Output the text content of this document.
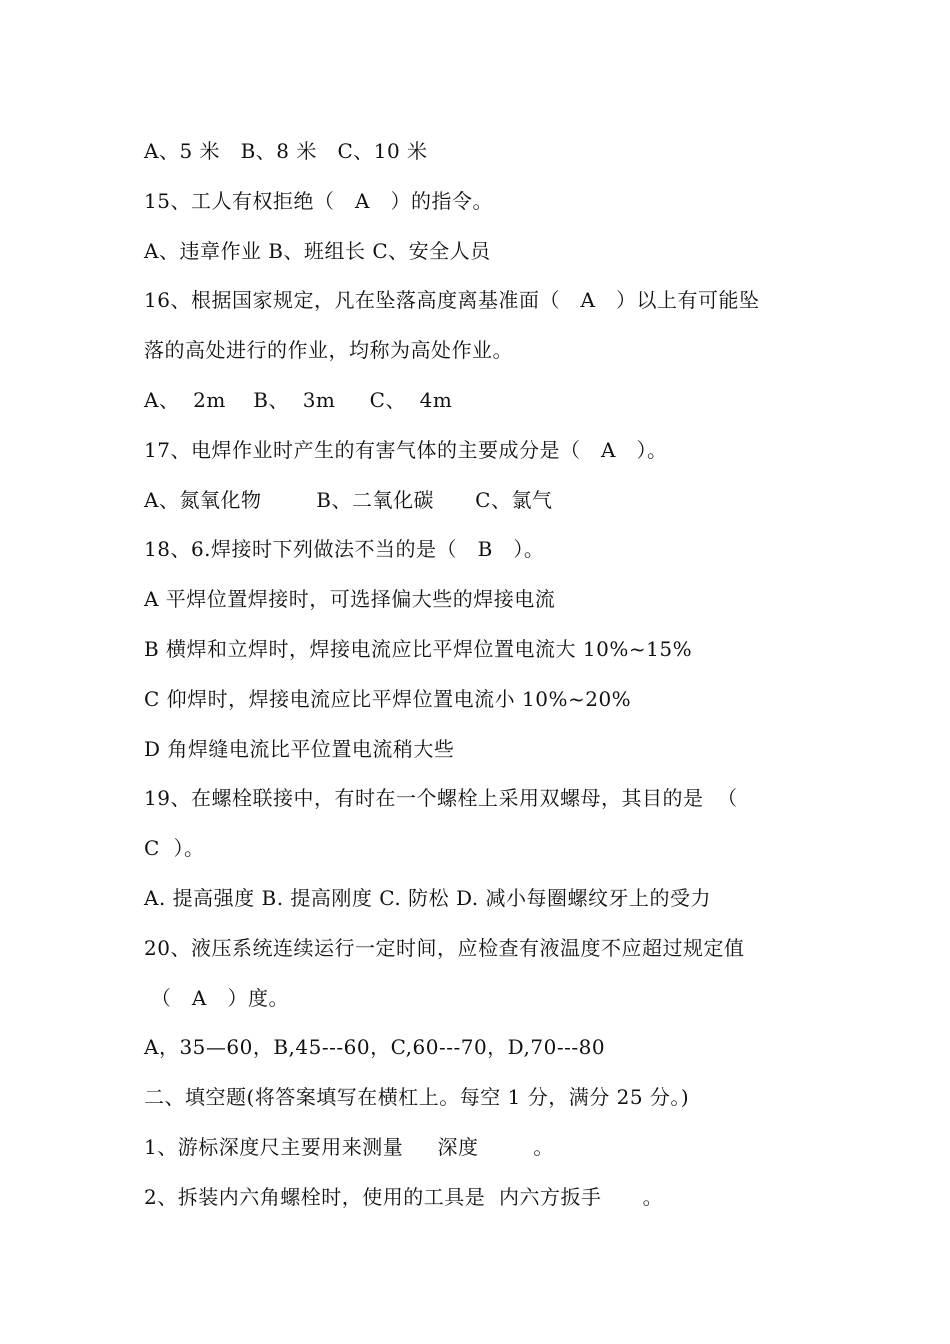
A、5 米   B、8 米   C、10 米
15、工人有权拒绝（   A   ）的指令。
A、违章作业 B、班组长 C、安全人员
16、根据国家规定，凡在坠落高度离基准面（   A   ）以上有可能坠
落的高处进行的作业，均称为高处作业。
A、  2m    B、  3m     C、  4m
17、电焊作业时产生的有害气体的主要成分是（   A   ）。
A、氮氧化物        B、二氧化碳      C、氯气
18、6.焊接时下列做法不当的是（   B   ）。
A 平焊位置焊接时，可选择偏大些的焊接电流
B 横焊和立焊时，焊接电流应比平焊位置电流大 10%~15%
C 仰焊时，焊接电流应比平焊位置电流小 10%~20%
D 角焊缝电流比平位置电流稍大些
19、在螺栓联接中，有时在一个螺栓上采用双螺母，其目的是  （
C  ）。
A. 提高强度 B. 提高刚度 C. 防松 D. 减小每圈螺纹牙上的受力
20、液压系统连续运行一定时间，应检查有液温度不应超过规定值
（   A   ）度。
A，35—60，B,45---60，C,60---70，D,70---80
二、填空题(将答案填写在横杠上。每空 1 分，满分 25 分。)
1、游标深度尺主要用来测量     深度        。
2、拆装内六角螺栓时，使用的工具是  内六方扳手      。
